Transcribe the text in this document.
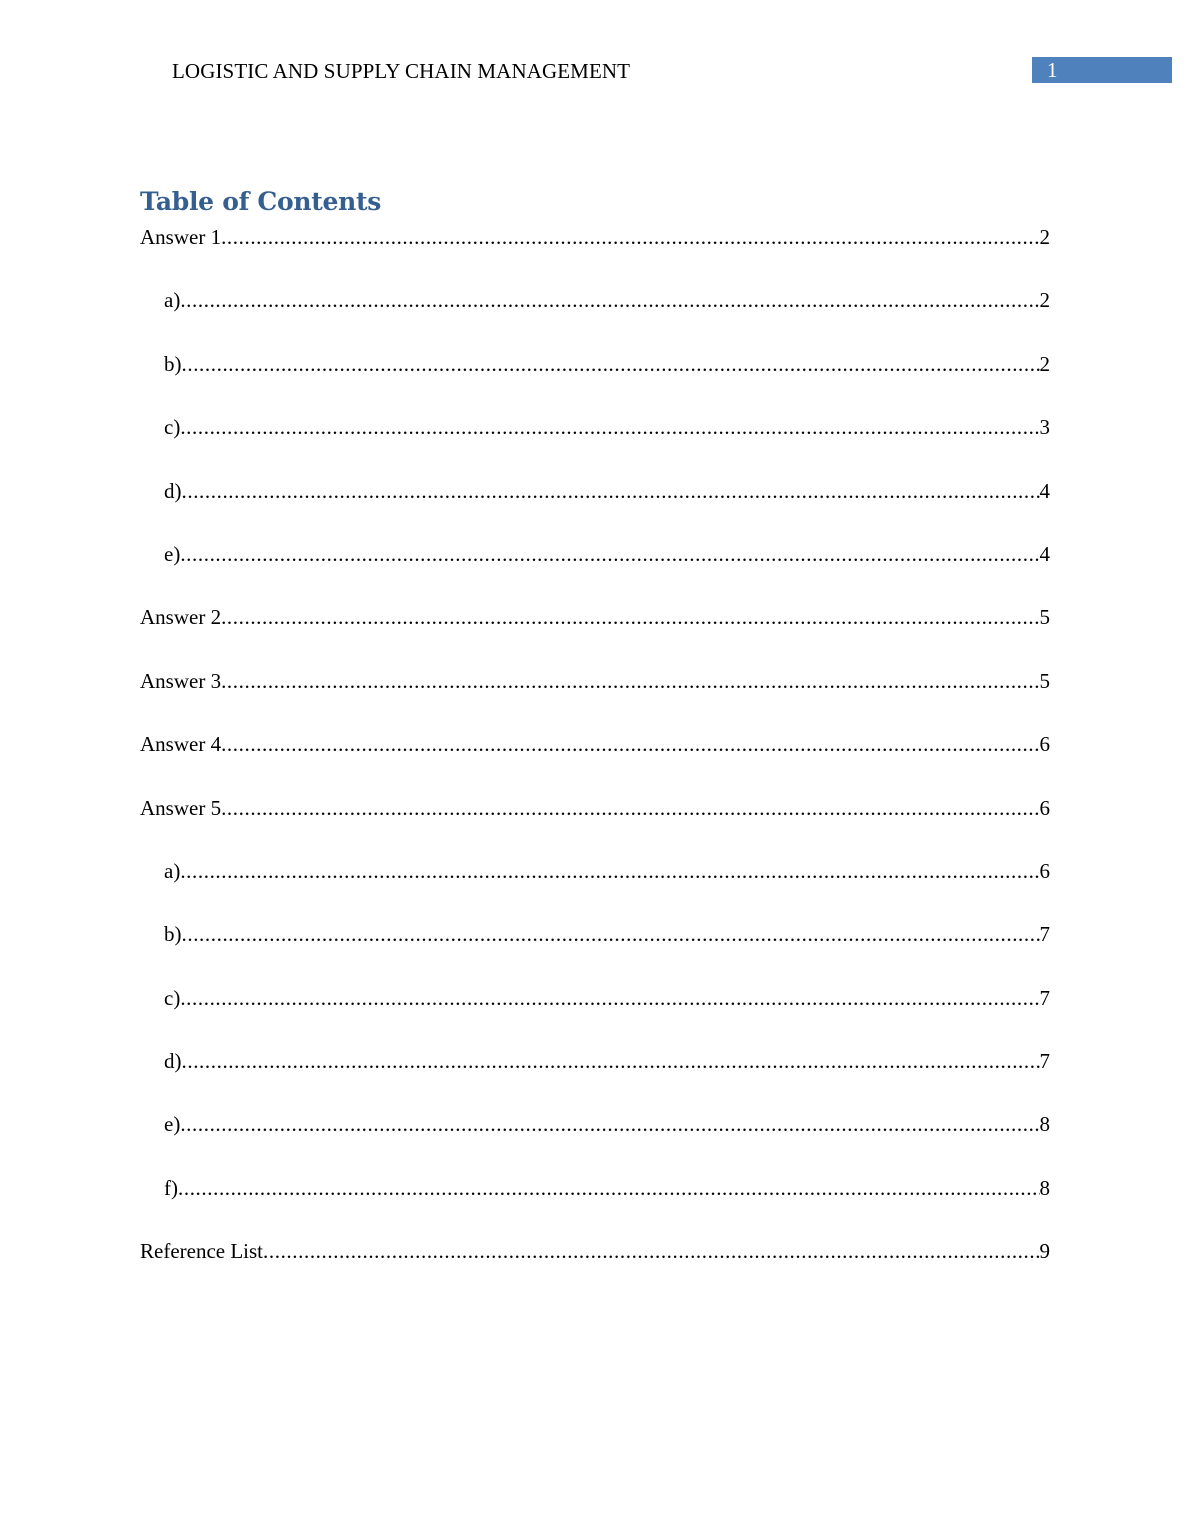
LOGISTIC AND SUPPLY CHAIN MANAGEMENT	1
Table of Contents
Answer 1 .....	2
a) .....	2
b) .....	2
c) .....	3
d) .....	4
e) .....	4
Answer 2 .....	5
Answer 3 .....	5
Answer 4 .....	6
Answer 5 .....	6
a) .....	6
b) .....	7
c) .....	7
d) .....	7
e) .....	8
f) .....	8
Reference List .....	9
